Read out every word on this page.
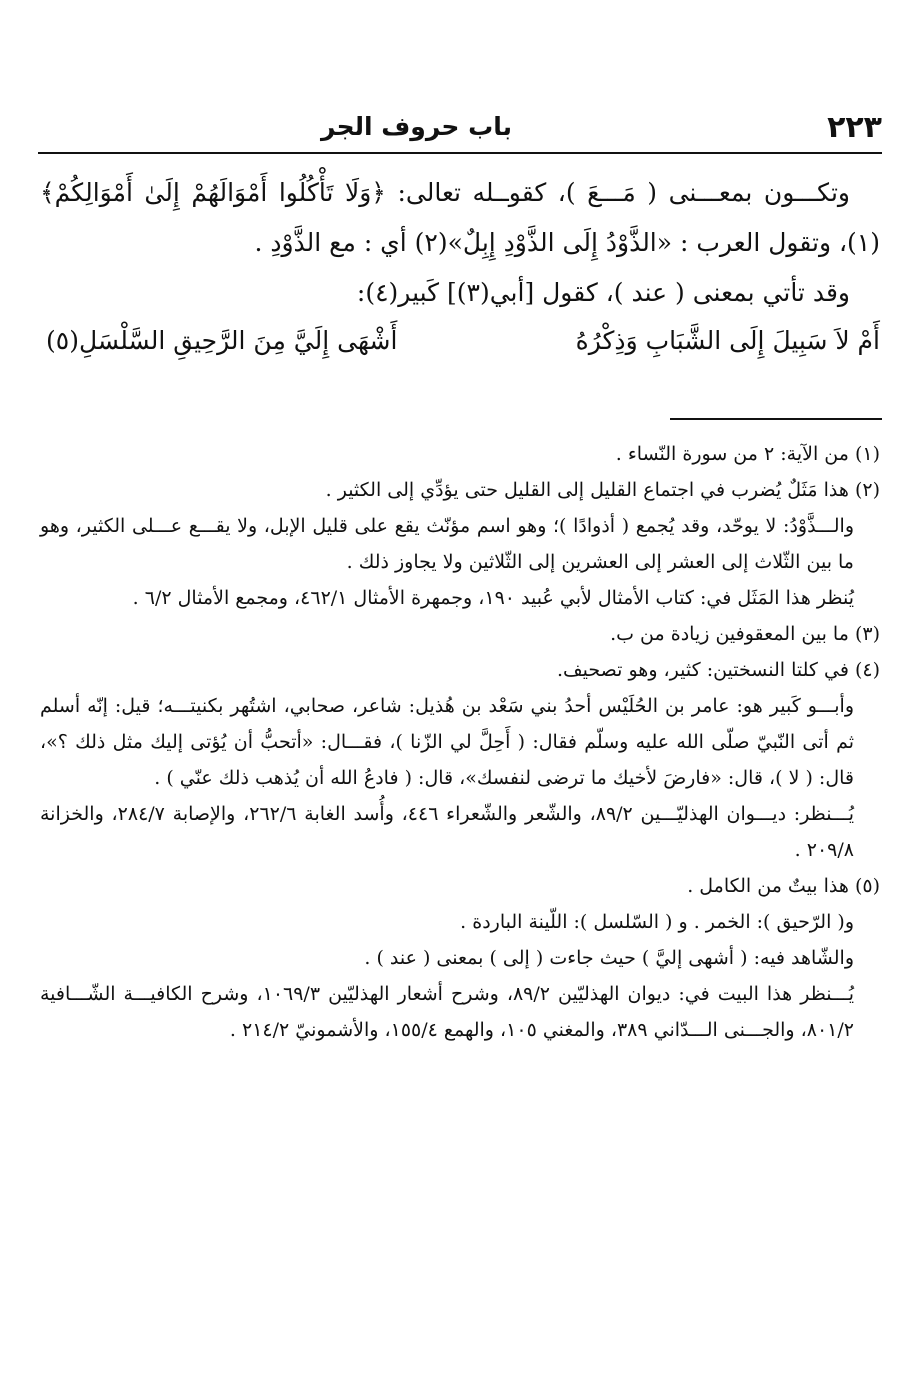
٢٢٣
باب حروف الجر

وتكـــون بمعـــنى ( مَـــعَ )، كقوــله تعالى: ﴿وَلَا تَأْكُلُوا أَمْوَالَهُمْ إِلَىٰ أَمْوَالِكُمْ﴾(١)، وتقول العرب : «الذَّوْدُ إِلَى الذَّوْدِ إِبِلٌ»(٢) أي : مع الذَّوْدِ .

وقد تأتي بمعنى ( عند )، كقول [أبي(٣)] كَبير(٤):

أَمْ لاَ سَبِيلَ إِلَى الشَّبَابِ وَذِكْرُهُ
أَشْهَى إِلَيَّ مِنَ الرَّحِيقِ السَّلْسَلِ(٥)

(١) من الآية: ٢ من سورة النّساء .

(٢) هذا مَثَلٌ يُضرب في اجتماع القليل إلى القليل حتى يؤدِّي إلى الكثير .

والـــذَّوْدُ: لا يوحّد، وقد يُجمع ( أذوادًا )؛ وهو اسم مؤنّث يقع على قليل الإبل، ولا يقـــع عـــلى الكثير، وهو ما بين الثّلاث إلى العشر إلى العشرين إلى الثّلاثين ولا يجاوز ذلك .

يُنظر هذا المَثَل في: كتاب الأمثال لأبي عُبيد ١٩٠، وجمهرة الأمثال ٤٦٢/١، ومجمع الأمثال ٦/٢ .

(٣) ما بين المعقوفين زيادة من ب.

(٤) في كلتا النسختين: كثير، وهو تصحيف.

وأبـــو كَبير هو: عامر بن الحُلَيْس أحدُ بني سَعْد بن هُذيل: شاعر، صحابي، اشتُهر بكنيتـــه؛ قيل: إنّه أسلم ثم أتى النّبيّ صلّى الله عليه وسلّم فقال: ( أَحِلَّ لي الزّنا )، فقـــال: «أتحبُّ أن يُؤتى إليك مثل ذلك ؟»، قال: ( لا )، قال: «فارضَ لأخيك ما ترضى لنفسك»، قال: ( فادعُ الله أن يُذهب ذلك عنّي ) .

يُـــنظر: ديـــوان الهذليّـــين ٨٩/٢، والشّعر والشّعراء ٤٤٦، وأُسد الغابة ٢٦٢/٦، والإصابة ٢٨٤/٧، والخزانة ٢٠٩/٨ .

(٥) هذا بيتٌ من الكامل .

و( الرّحيق ): الخمر . و ( السّلسل ): اللّينة الباردة .

والشّاهد فيه: ( أشهى إليَّ ) حيث جاءت ( إلى ) بمعنى ( عند ) .

يُـــنظر هذا البيت في: ديوان الهذليّين ٨٩/٢، وشرح أشعار الهذليّين ١٠٦٩/٣، وشرح الكافيـــة الشّـــافية ٨٠١/٢، والجـــنى الـــدّاني ٣٨٩، والمغني ١٠٥، والهمع ١٥٥/٤، والأشمونيّ ٢١٤/٢ .
